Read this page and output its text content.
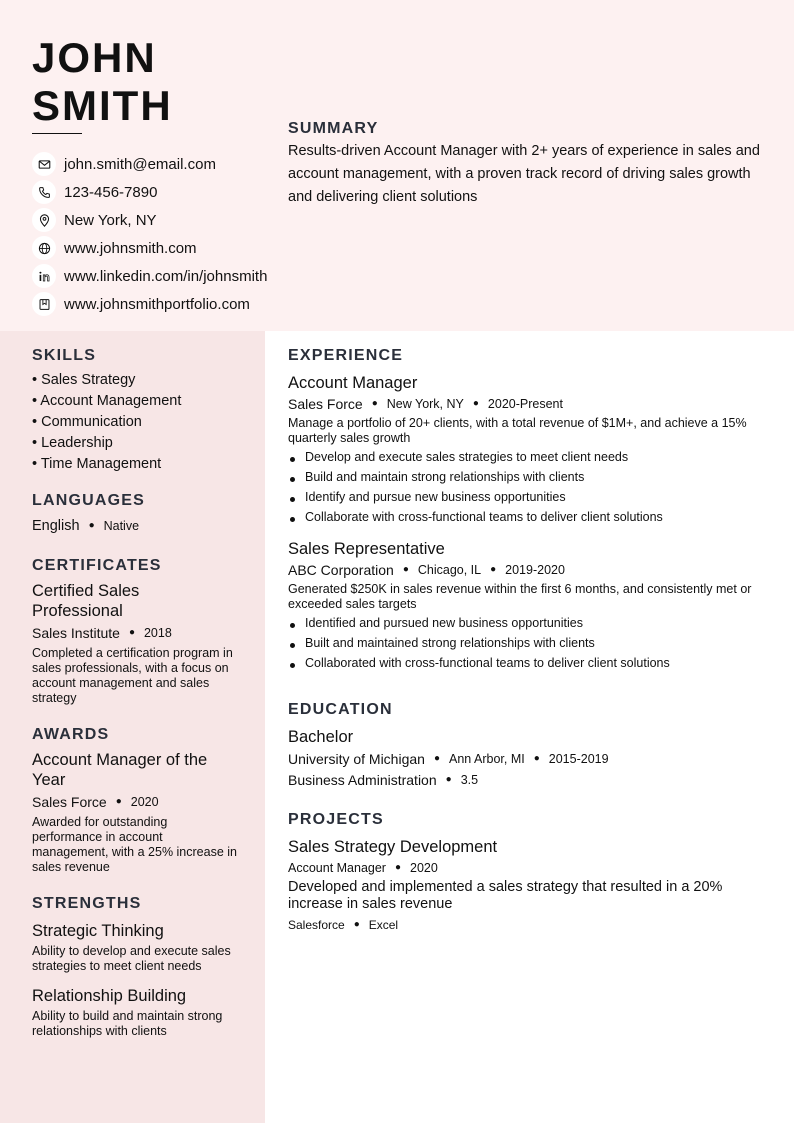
JOHN
SMITH
john.smith@email.com
123-456-7890
New York, NY
www.johnsmith.com
www.linkedin.com/in/johnsmith
www.johnsmithportfolio.com
SUMMARY
Results-driven Account Manager with 2+ years of experience in sales and account management, with a proven track record of driving sales growth and delivering client solutions
SKILLS
• Sales Strategy
• Account Management
• Communication
• Leadership
• Time Management
LANGUAGES
English ● Native
CERTIFICATES
Certified Sales Professional
Sales Institute ● 2018
Completed a certification program in sales professionals, with a focus on account management and sales strategy
AWARDS
Account Manager of the Year
Sales Force ● 2020
Awarded for outstanding performance in account management, with a 25% increase in sales revenue
STRENGTHS
Strategic Thinking
Ability to develop and execute sales strategies to meet client needs
Relationship Building
Ability to build and maintain strong relationships with clients
EXPERIENCE
Account Manager
Sales Force ● New York, NY ● 2020-Present
Manage a portfolio of 20+ clients, with a total revenue of $1M+, and achieve a 15% quarterly sales growth
Develop and execute sales strategies to meet client needs
Build and maintain strong relationships with clients
Identify and pursue new business opportunities
Collaborate with cross-functional teams to deliver client solutions
Sales Representative
ABC Corporation ● Chicago, IL ● 2019-2020
Generated $250K in sales revenue within the first 6 months, and consistently met or exceeded sales targets
Identified and pursued new business opportunities
Built and maintained strong relationships with clients
Collaborated with cross-functional teams to deliver client solutions
EDUCATION
Bachelor
University of Michigan ● Ann Arbor, MI ● 2015-2019
Business Administration ● 3.5
PROJECTS
Sales Strategy Development
Account Manager ● 2020
Developed and implemented a sales strategy that resulted in a 20% increase in sales revenue
Salesforce ● Excel
